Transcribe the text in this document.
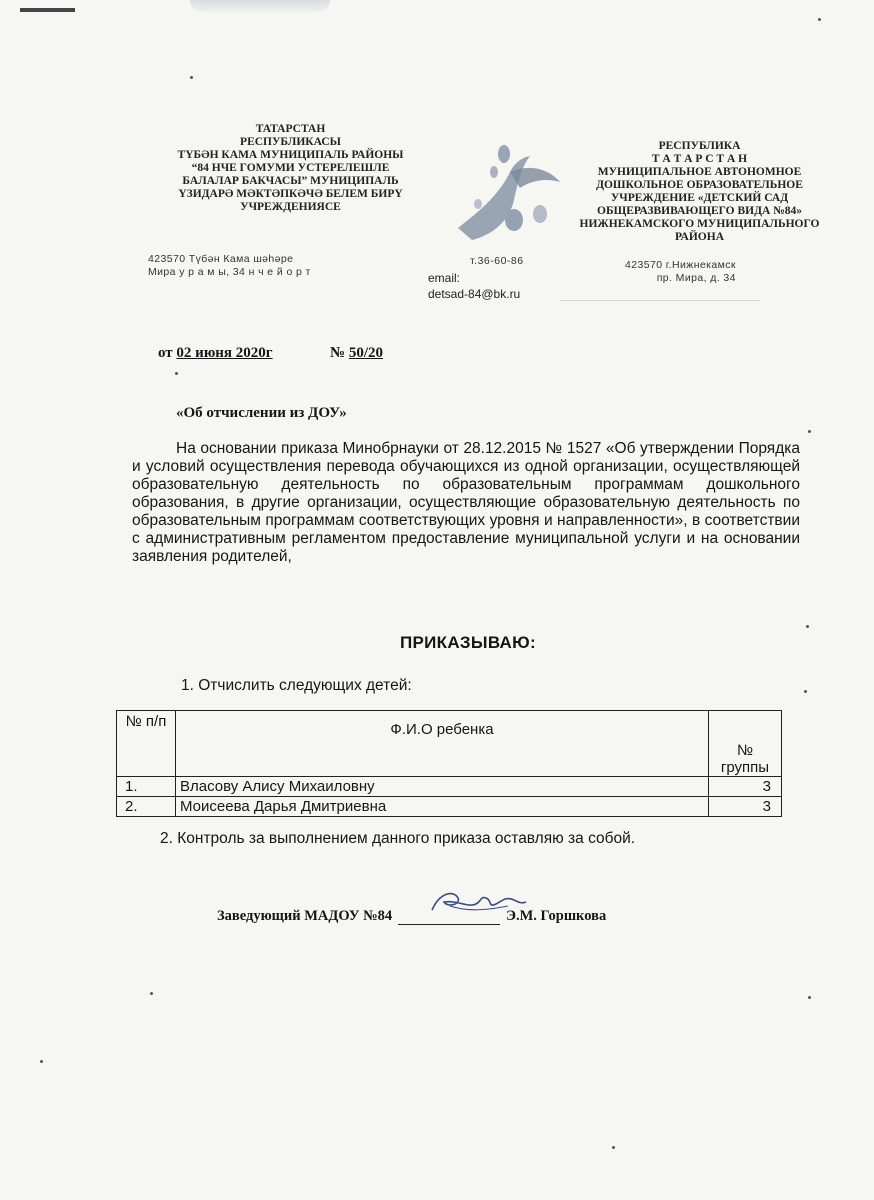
ТАТАРСТАН
РЕСПУБЛИКАСЫ
ТҮБӘН КАМА МУНИЦИПАЛЬ РАЙОНЫ
“84 НЧЕ ГОМУМИ УСТЕРЕЛЕШЛЕ
БАЛАЛАР БАКЧАСЫ” МУНИЦИПАЛЬ
ҮЗИДАРӘ МӘКТӘПКӘЧӘ БЕЛЕМ БИРҮ
УЧРЕЖДЕНИЯСЕ
РЕСПУБЛИКА
Т А Т А Р С Т А Н
МУНИЦИПАЛЬНОЕ АВТОНОМНОЕ
ДОШКОЛЬНОЕ ОБРАЗОВАТЕЛЬНОЕ
УЧРЕЖДЕНИЕ «ДЕТСКИЙ САД
ОБЩЕРАЗВИВАЮЩЕГО ВИДА №84»
НИЖНЕКАМСКОГО МУНИЦИПАЛЬНОГО
РАЙОНА
423570 Түбән Кама шәһәре
Мира у р а м ы, 34 н ч е й о р т
т.36-60-86
email:
detsad-84@bk.ru
423570 г.Нижнекамск
пр. Мира, д. 34
от 02 июня 2020г	№ 50/20
«Об отчислении из ДОУ»
На основании приказа Минобрнауки от 28.12.2015 № 1527 «Об утверждении Порядка и условий осуществления перевода обучающихся из одной организации, осуществляющей образовательную деятельность по образовательным программам дошкольного образования, в другие организации, осуществляющие образовательную деятельность по образовательным программам соответствующих уровня и направленности», в соответствии с административным регламентом предоставление муниципальной услуги и на основании заявления родителей,
ПРИКАЗЫВАЮ:
1. Отчислить следующих детей:
№ п/п	Ф.И.О ребенка	№ группы
1.	Власову Алису Михаиловну	3
2.	Моисеева Дарья Дмитриевна	3
2. Контроль за выполнением данного приказа оставляю за собой.
Заведующий МАДОУ №84	Э.М. Горшкова
